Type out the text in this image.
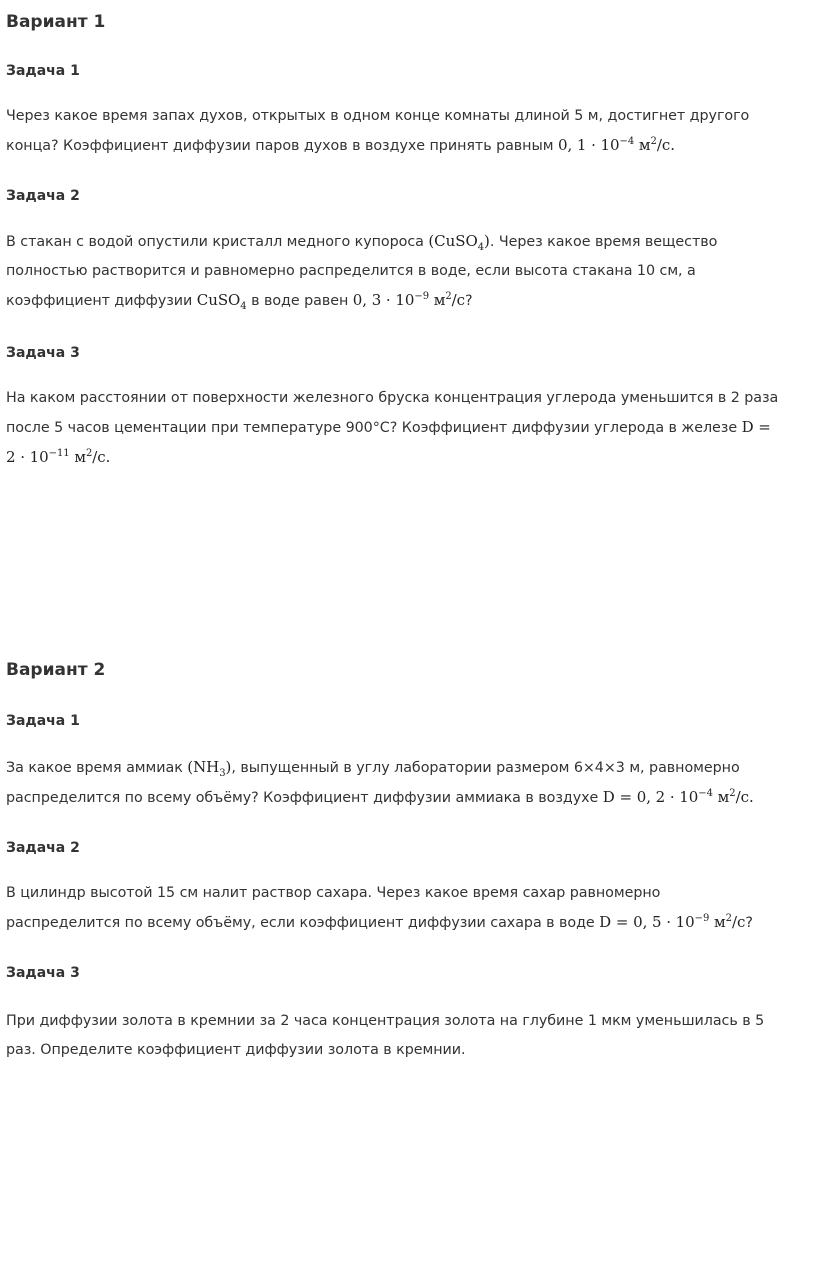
Вариант 1
Задача 1

Через какое время запах духов, открытых в одном конце комнаты длиной 5 м, достигнет другого

конца? Коэффициент диффузии паров духов в воздухе принять равным 0, $1 \cdot 10^{-4}$ $м^2/с$.

Задача 2

В стакан с водой опустили кристалл медного купороса (CuSO$_4$). Через какое время вещество

полностью растворится и равномерно распределится в воде, если высота стакана 10 см, а

коэффициент диффузии CuSO$_4$ в воде равен 0, $3 \cdot 10^{-9}$ $м^2/с$?

Задача 3

На каком расстоянии от поверхности железного бруска концентрация углерода уменьшится в 2 раза

после 5 часов цементации при температуре 900°C? Коэффициент диффузии углерода в железе D =

$2 \cdot 10^{-11}$ $м^2/с$.

Вариант 2
Задача 1

За какое время аммиак $(NH_3)$, выпущенный в углу лаборатории размером 6×4×3 м, равномерно

распределится по всему объёму? Коэффициент диффузии аммиака в воздухе D = 0, $2 \cdot 10^{-4}$ $м^2/с$.

Задача 2

В цилиндр высотой 15 см налит раствор сахара. Через какое время сахар равномерно

распределится по всему объёму, если коэффициент диффузии сахара в воде D = 0, $5 \cdot 10^{-9}$ $м^2/с$?

Задача 3

При диффузии золота в кремнии за 2 часа концентрация золота на глубине 1 мкм уменьшилась в 5

раз. Определите коэффициент диффузии золота в кремнии.
